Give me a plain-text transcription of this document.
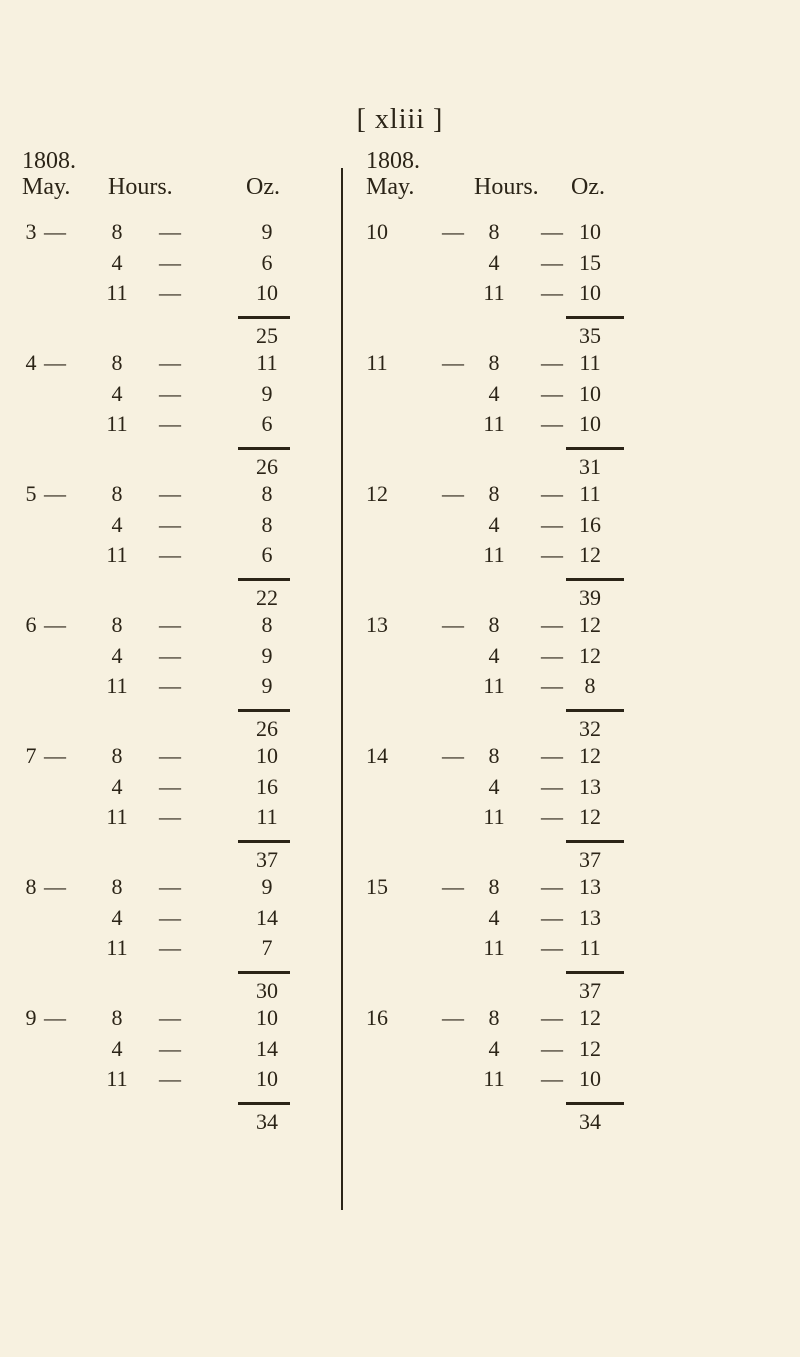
[ xliii ]
1808.
May. Hours.	Oz.
3 —	8	—	9
4	—	6
11	—	10
25
4 —	8	—	11
4	—	9
11	—	6
26
5 —	8	—	8
4	—	8
11	—	6
22
6 —	8	—	8
4	—	9
11	—	9
26
7 —	8	—	10
4	—	16
11	—	11
37
8 —	8	—	9
4	—	14
11	—	7
30
9 —	8	—	10
4	—	14
11	—	10
34
1808.
May. Hours. Oz.
10	—	8	— 10
4	— 15
11	— 10
35
11	—	8	— 11
4	— 10
11	— 10
31
12	—	8	— 11
4	— 16
11	— 12
39
13	—	8	— 12
4	— 12
11	— 8
32
14	—	8	— 12
4	— 13
11	— 12
37
15	—	8	— 13
4	— 13
11	— 11
37
16	—	8	— 12
4	— 12
11	— 10
34
